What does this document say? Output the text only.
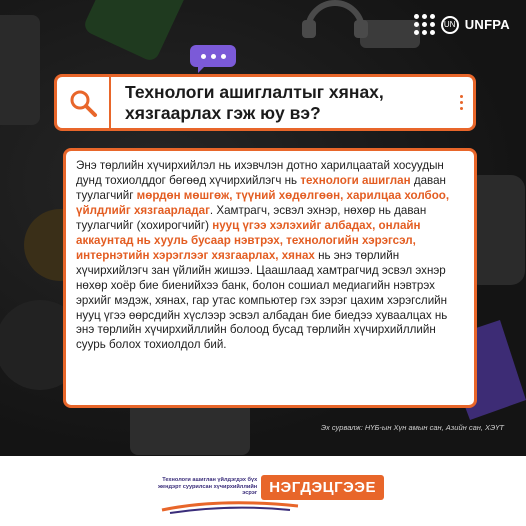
UN UNFPA
Технологи ашиглалтыг хянах,
хязгаарлах гэж юу вэ?

Энэ төрлийн хүчирхийлэл нь ихэвчлэн дотно харилцаатай хосуудын дунд тохиолддог бөгөөд хүчирхийлэгч нь технологи ашиглан даван туулагчийг мөрдөн мөшгөж, түүний хөдөлгөөн, харилцаа холбоо, үйлдлийг хязгаарладаг. Хамтрагч, эсвэл эхнэр, нөхөр нь даван туулагчийг (хохирогчийг) нууц үгээ хэлэхийг албадах, онлайн аккаунтад нь хууль бусаар нэвтрэх, технологийн хэрэгсэл, интернэтийн хэрэглээг хязгаарлах, хянах нь энэ төрлийн хүчирхийлэгч зан үйлийн жишээ. Цаашлаад хамтрагчид эсвэл эхнэр нөхөр хоёр бие биенийхээ банк, болон сошиал медиагийн нэвтрэх эрхийг мэдэж, хянах, гар утас компьютер гэх зэрэг цахим хэрэгслийн нууц үгээ өөрсдийн хүслээр эсвэл албадан бие биедээ хуваалцах нь энэ төрлийн хүчирхийллийн болоод бусад төрлийн хүчирхийллийн суурь болох тохиолдол бий.

Эх сурвалж: НҮБ-ын Хүн амын сан, Азийн сан, ХЭҮТ
Технологи ашиглан үйлдэгдэх бүх жендэрт суурилсан хүчирхийллийн эсрэг НЭГДЭЦГЭЭЕ
